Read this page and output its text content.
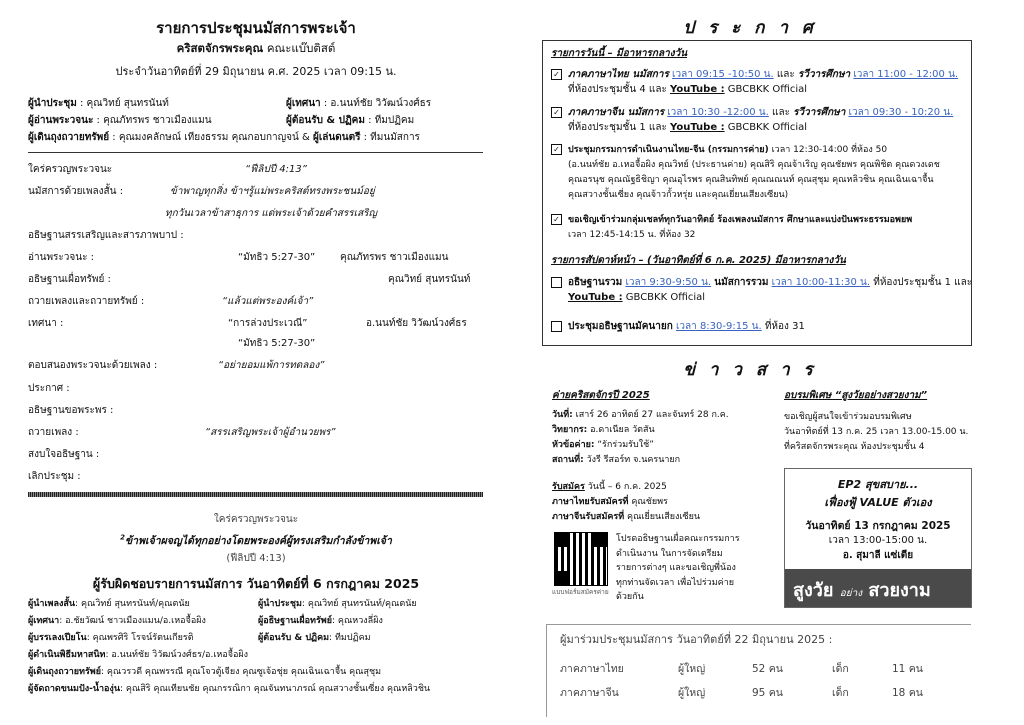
รายการประชุมนมัสการพระเจ้า
คริสตจักรพระคุณ คณะแบ๊บติสต์
ประจำวันอาทิตย์ที่ 29 มิถุนายน ค.ศ. 2025 เวลา 09:15 น.
ผู้นำประชุม : คุณวิทย์ สุนทรนันท์	ผู้เทศนา : อ.นนท์ชัย วิวัฒน์วงศ์ธร
ผู้อ่านพระวจนะ : คุณภัทรพร ชาวเมืองแมน	ผู้ต้อนรับ & ปฏิคม : ทีมปฏิคม
ผู้เดินถุงถวายทรัพย์ : คุณมงคลักษณ์ เทียงธรรม คุณกอบกาญจน์ & ผู้เล่นดนตรี : ทีมนมัสการ
ใคร่ครวญพระวจนะ	“ฟีลิปปี 4:13”
นมัสการด้วยเพลงสั้น :	ข้าพาญทุกสิ่ง ข้าฯรู้แม่พระคริสต์ทรงพระชนม์อยู่
ทุกวันเวลาข้าสาธุการ แด่พระเจ้าด้วยคำสรรเสริญ
อธิษฐานสรรเสริญและสารภาพบาป :
อ่านพระวจนะ :	“มัทธิว 5:27-30” คุณภัทรพร ชาวเมืองแมน
อธิษฐานเผื่อทรัพย์ :	คุณวิทย์ สุนทรนันท์
ถวายเพลงและถวายทรัพย์ :	“แล้วแต่พระองค์เจ้า”
เทศนา :	“การล่วงประเวณี”	อ.นนท์ชัย วิวัฒน์วงศ์ธร
“มัทธิว 5:27-30”
ตอบสนองพระวจนะด้วยเพลง :	“อย่ายอมแพ้การทดลอง”
ประกาศ :
อธิษฐานขอพระพร :
ถวายเพลง :	“สรรเสริญพระเจ้าผู้อำนวยพร”
สงบใจอธิษฐาน :
เลิกประชุม :
ใคร่ครวญพระวจนะ
$^2$ข้าพเจ้าผจญได้ทุกอย่างโดยพระองค์ผู้ทรงเสริมกำลังข้าพเจ้า
(ฟีลิปปี 4:13)
ผู้รับผิดชอบรายการนมัสการ วันอาทิตย์ที่ 6 กรกฎาคม 2025
ผู้นำเพลงสั้น: คุณวิทย์ สุนทรนันท์/คุณตนัย	ผู้นำประชุม: คุณวิทย์ สุนทรนันท์/คุณตนัย
ผู้เทศนา: อ.ชัยวัฒน์ ชาวเมืองแมน/อ.เหอจื้อผิง	ผู้อธิษฐานเผื่อทรัพย์: คุณหวงลี่ผิง
ผู้บรรเลงเปียโน: คุณพรศิริ โรจน์รัตนเกียรติ	ผู้ต้อนรับ & ปฏิคม: ทีมปฏิคม
ผู้ดำเนินพิธีมหาสนิท: อ.นนท์ชัย วิวัฒน์วงศ์ธร/อ.เหอจื้อผิง
ผู้เดินถุงถวายทรัพย์: คุณวรวดี คุณพรรณี คุณโจวตู้เจียง คุณซูเจ้อชุ่ย คุณเฉินเฉาจื้น คุณสุชุม
ผู้จัดถาดขนมปัง-น้ำองุ่น: คุณสิริ คุณเทียนชัย คุณกรรณิกา คุณจันทนาภรณ์ คุณสวางชั้นเซี่ยง คุณหลิวชิน
ป ร ะ ก า ศ
รายการวันนี้ – มีอาหารกลางวัน
✓ ภาคภาษาไทย นมัสการ เวลา 09:15 -10:50 น. และ รวีวารศึกษา เวลา 11:00 - 12:00 น.
ที่ห้องประชุมชั้น 4 และ YouTube : GBCBKK Official
✓ ภาคภาษาจีน นมัสการ เวลา 10:30 -12:00 น. และ รวีวารศึกษา เวลา 09:30 - 10:20 น.
ที่ห้องประชุมชั้น 1 และ YouTube : GBCBKK Official
✓ ประชุมกรรมการดำเนินงานไทย-จีน (กรรมการค่าย) เวลา 12:30-14:00 ที่ห้อง 50
(อ.นนท์ชัย อ.เหอจื้อผิง คุณวิทย์ (ประธานค่าย) คุณสิริ คุณจ้าเริญ คุณชัยพร คุณพิชิต คุณดวงเดช
คุณอรนุช คุณณัฐธิชิญา คุณอุไรพร คุณสินทิพย์ คุณณณนท์ คุณสุชุม คุณหลิวชิน คุณเฉินเฉาจื้น
คุณสวางชั้นเซี่ยง คุณจ้าวกั้วหรุ่ย และคุณเยี่ยนเสียงเซียน)
✓ ขอเชิญเข้าร่วมกลุ่มเชลท์ทุกวันอาทิตย์ ร้องเพลงนมัสการ ศึกษาและแบ่งปันพระธรรมอพยพ
เวลา 12:45-14:15 น. ที่ห้อง 32
รายการสัปดาห์หน้า – (วันอาทิตย์ที่ 6 ก.ค. 2025) มีอาหารกลางวัน
อธิษฐานรวม เวลา 9:30-9:50 น. นมัสการรวม เวลา 10:00-11:30 น. ที่ห้องประชุมชั้น 1 และ
YouTube : GBCBKK Official
ประชุมอธิษฐานมัคนายก เวลา 8:30-9:15 น. ที่ห้อง 31
ข่ า ว ส า ร
ค่ายคริสตจักรปี 2025
วันที่: เสาร์ 26 อาทิตย์ 27 และจันทร์ 28 ก.ค.
วิทยากร: อ.ดาเนียล วัตสัน
หัวข้อค่าย: “รักร่วมรับใช้”
สถานที่: วังรี รีสอร์ท จ.นครนายก
รับสมัคร วันนี้ – 6 ก.ค. 2025
ภาษาไทยรับสมัครที่ คุณชัยพร
ภาษาจีนรับสมัครที่ คุณเยี่ยนเสียงเซียน
แบบฟอร์มสมัครค่าย
โปรดอธิษฐานเผื่อคณะกรรมการ
ดำเนินงาน ในการจัดเตรียม
รายการต่างๆ และขอเชิญพี่น้อง
ทุกท่านจัดเวลา เพื่อไปร่วมค่าย
ด้วยกัน
อบรมพิเศษ “สูงวัยอย่างสวยงาม”
ขอเชิญผู้สนใจเข้าร่วมอบรมพิเศษ
วันอาทิตย์ที่ 13 ก.ค. 25 เวลา 13.00-15.00 น.
ที่คริสตจักรพระคุณ ห้องประชุมชั้น 4
EP2 สุขสบาย...
เฟื่องฟู้ VALUE ตัวเอง
วันอาทิตย์ 13 กรกฎาคม 2025
เวลา 13:00-15:00 น.
อ. สุมาลี แซ่เตีย
สูงวัย อย่าง สวยงาม
ผู้มาร่วมประชุมนมัสการ วันอาทิตย์ที่ 22 มิถุนายน 2025 :
ภาคภาษาไทย	ผู้ใหญ่	52 คน	เด็ก	11 คน
ภาคภาษาจีน	ผู้ใหญ่	95 คน	เด็ก	18 คน
